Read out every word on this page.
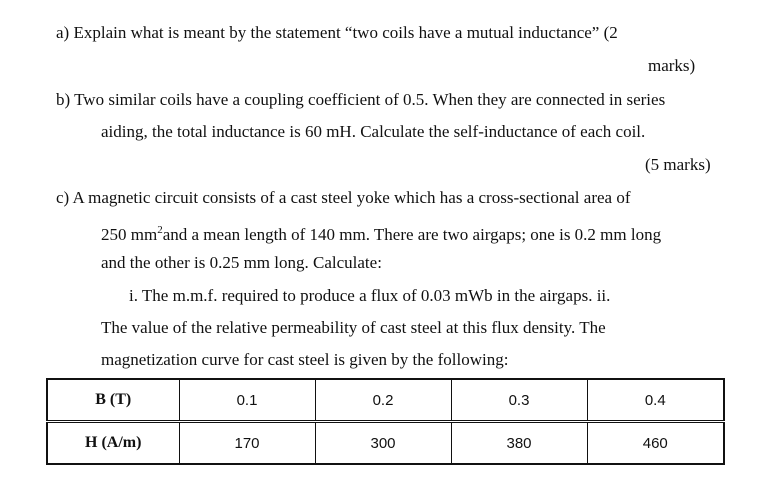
a) Explain what is meant by the statement “two coils have a mutual inductance” (2
marks)
b) Two similar coils have a coupling coefficient of 0.5. When they are connected in series
aiding, the total inductance is 60 mH. Calculate the self-inductance of each coil.
(5 marks)
c) A magnetic circuit consists of a cast steel yoke which has a cross-sectional area of
250 $mm^2and$ a mean length of 140 mm. There are two airgaps; one is 0.2 mm long
and the other is 0.25 mm long. Calculate:
i. The m.m.f. required to produce a flux of 0.03 mWb in the airgaps. ii.
The value of the relative permeability of cast steel at this flux density. The
magnetization curve for cast steel is given by the following:
B (T)	0.1	0.2	0.3	0.4
H (A/m)	170	300	380	460
